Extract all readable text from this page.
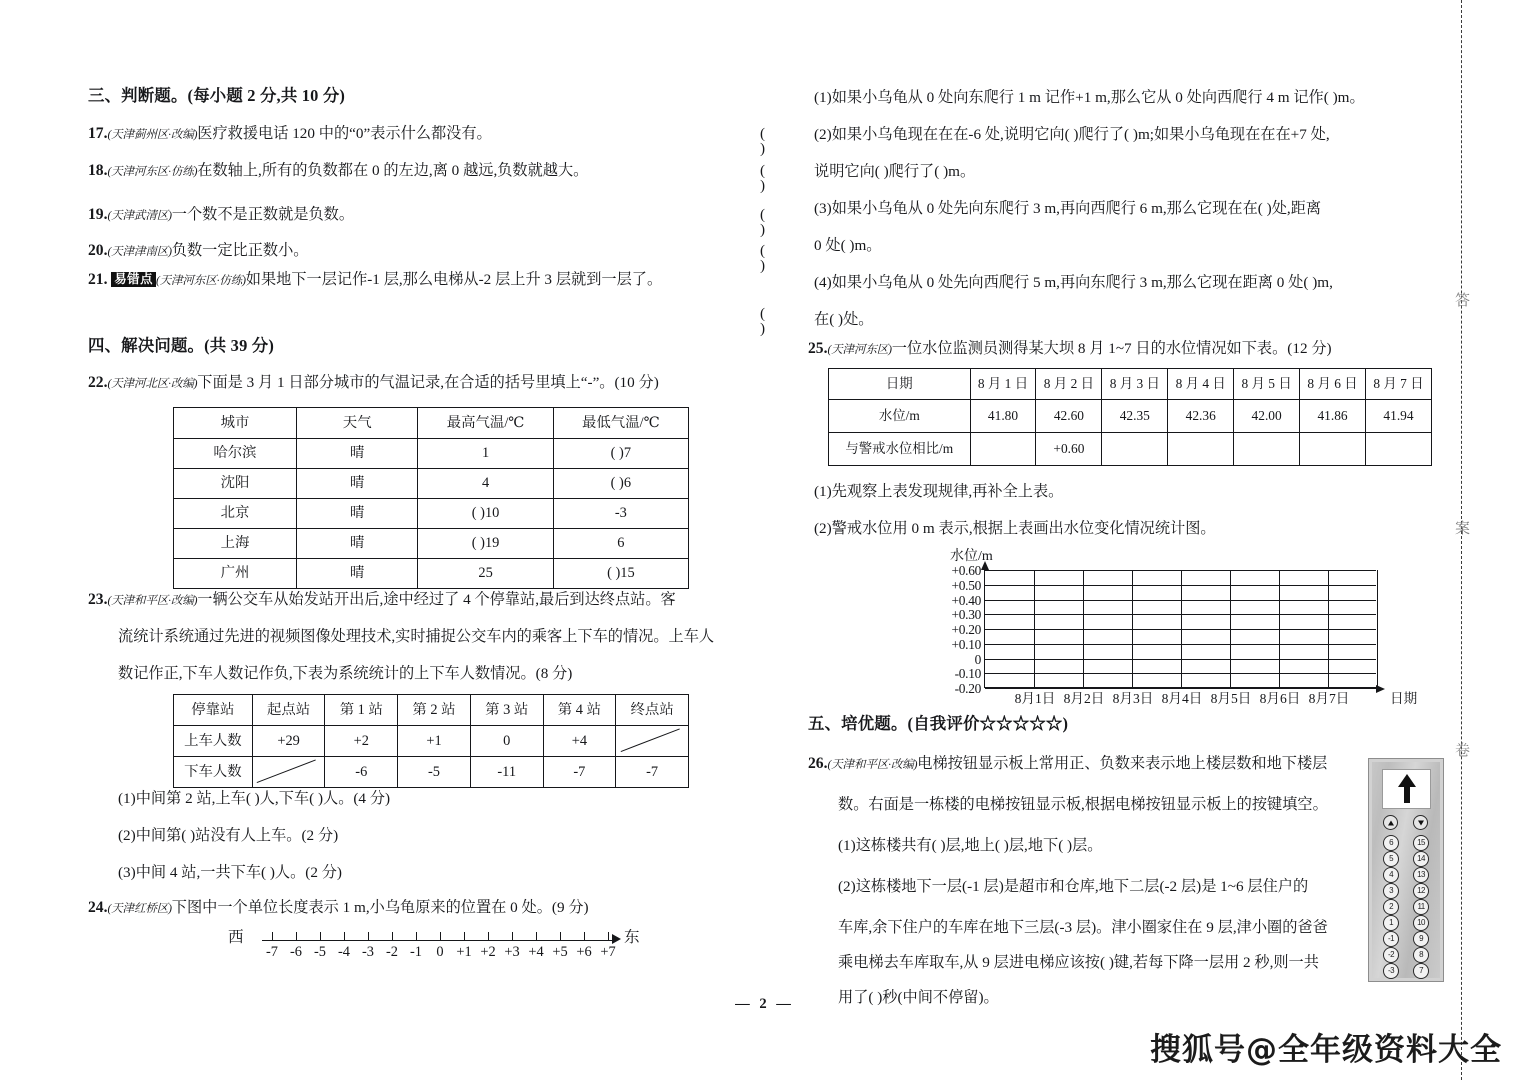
三、判断题。(每小题 2 分,共 10 分)
17.(天津蓟州区·改编)医疗救援电话 120 中的“0”表示什么都没有。	( )
18.(天津河东区·仿练)在数轴上,所有的负数都在 0 的左边,离 0 越远,负数就越大。	( )
19.(天津武清区)一个数不是正数就是负数。	( )
20.(天津津南区)负数一定比正数小。	( )
21. 易错点 (天津河东区·仿练)如果地下一层记作-1 层,那么电梯从-2 层上升 3 层就到一层了。
( )
四、解决问题。(共 39 分)
22.(天津河北区·改编)下面是 3 月 1 日部分城市的气温记录,在合适的括号里填上“-”。(10 分)
城市	天气	最高气温/℃	最低气温/℃
哈尔滨	晴	1	( )7
沈阳	晴	4	( )6
北京	晴	( )10	-3
上海	晴	( )19	6
广州	晴	25	( )15
23.(天津和平区·改编)一辆公交车从始发站开出后,途中经过了 4 个停靠站,最后到达终点站。客
流统计系统通过先进的视频图像处理技术,实时捕捉公交车内的乘客上下车的情况。上车人
数记作正,下车人数记作负,下表为系统统计的上下车人数情况。(8 分)
停靠站	起点站	第 1 站	第 2 站	第 3 站	第 4 站	终点站
上车人数	+29	+2	+1	0	+4	
下车人数		-6	-5	-11	-7	-7
(1)中间第 2 站,上车( )人,下车( )人。(4 分)
(2)中间第( )站没有人上车。(2 分)
(3)中间 4 站,一共下车( )人。(2 分)
24.(天津红桥区)下图中一个单位长度表示 1 m,小乌龟原来的位置在 0 处。(9 分)
西	东
-7 -6 -5 -4 -3 -2 -1 0 +1 +2 +3 +4 +5 +6 +7
(1)如果小乌龟从 0 处向东爬行 1 m 记作+1 m,那么它从 0 处向西爬行 4 m 记作( )m。
(2)如果小乌龟现在在在-6 处,说明它向( )爬行了( )m;如果小乌龟现在在在+7 处,
说明它向( )爬行了( )m。
(3)如果小乌龟从 0 处先向东爬行 3 m,再向西爬行 6 m,那么它现在在( )处,距离
0 处( )m。
(4)如果小乌龟从 0 处先向西爬行 5 m,再向东爬行 3 m,那么它现在距离 0 处( )m,
在( )处。
25.(天津河东区)一位水位监测员测得某大坝 8 月 1~7 日的水位情况如下表。(12 分)
日期	8 月 1 日	8 月 2 日	8 月 3 日	8 月 4 日	8 月 5 日	8 月 6 日	8 月 7 日
水位/m	41.80	42.60	42.35	42.36	42.00	41.86	41.94
与警戒水位相比/m		+0.60					
(1)先观察上表发现规律,再补全上表。
(2)警戒水位用 0 m 表示,根据上表画出水位变化情况统计图。
水位/m
+0.60
+0.50
+0.40
+0.30
+0.20
+0.10
0
-0.10
-0.20
8月1日 8月2日 8月3日 8月4日 8月5日 8月6日 8月7日	日期
五、培优题。(自我评价☆☆☆☆☆)
26.(天津和平区·改编)电梯按钮显示板上常用正、负数来表示地上楼层数和地下楼层
数。右面是一栋楼的电梯按钮显示板,根据电梯按钮显示板上的按键填空。
(1)这栋楼共有( )层,地上( )层,地下( )层。
(2)这栋楼地下一层(-1 层)是超市和仓库,地下二层(-2 层)是 1~6 层住户的
车库,余下住户的车库在地下三层(-3 层)。津小圈家住在 9 层,津小圈的爸爸
乘电梯去车库取车,从 9 层进电梯应该按( )键,若每下降一层用 2 秒,则一共
用了( )秒(中间不停留)。
6
5
4
3
2
1
-1
-2
-3
15
14
13
12
11
10
9
8
7
答
案
卷
— 2 —
搜狐号@全年级资料大全
